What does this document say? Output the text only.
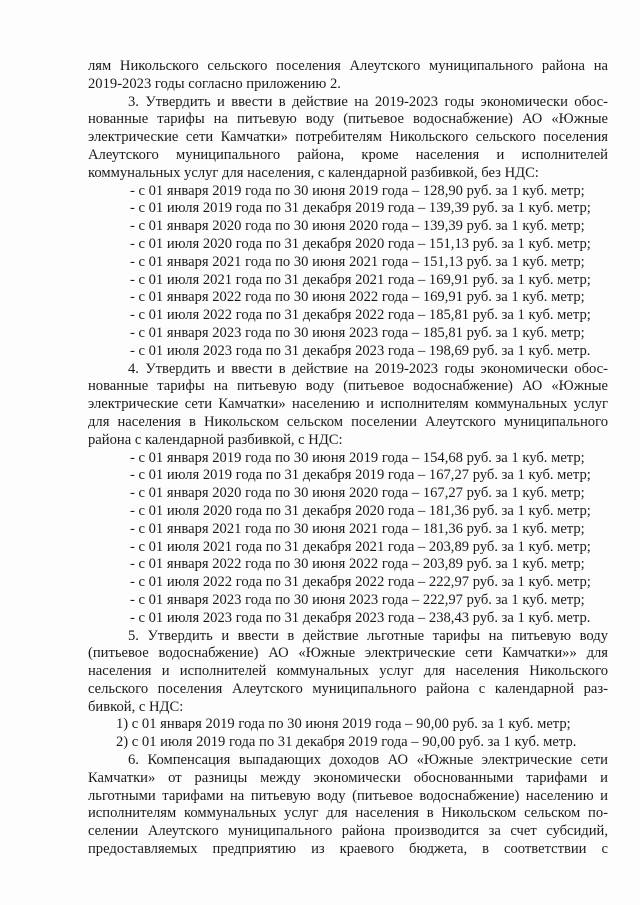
лям Никольского сельского поселения Алеутского муниципального района на
2019-2023 годы согласно приложению 2.
3. Утвердить и ввести в действие на 2019-2023 годы экономически обос-
нованные тарифы на питьевую воду (питьевое водоснабжение) АО «Южные
электрические сети Камчатки» потребителям Никольского сельского поселения
Алеутского муниципального района, кроме населения и исполнителей
коммунальных услуг для населения, с календарной разбивкой, без НДС:
- с 01 января 2019 года по 30 июня 2019 года – 128,90 руб. за 1 куб. метр;
- с 01 июля 2019 года по 31 декабря 2019 года – 139,39 руб. за 1 куб. метр;
- с 01 января 2020 года по 30 июня 2020 года – 139,39 руб. за 1 куб. метр;
- с 01 июля 2020 года по 31 декабря 2020 года – 151,13 руб. за 1 куб. метр;
- с 01 января 2021 года по 30 июня 2021 года – 151,13 руб. за 1 куб. метр;
- с 01 июля 2021 года по 31 декабря 2021 года – 169,91 руб. за 1 куб. метр;
- с 01 января 2022 года по 30 июня 2022 года – 169,91 руб. за 1 куб. метр;
- с 01 июля 2022 года по 31 декабря 2022 года – 185,81 руб. за 1 куб. метр;
- с 01 января 2023 года по 30 июня 2023 года – 185,81 руб. за 1 куб. метр;
- с 01 июля 2023 года по 31 декабря 2023 года – 198,69 руб. за 1 куб. метр.
4. Утвердить и ввести в действие на 2019-2023 годы экономически обос-
нованные тарифы на питьевую воду (питьевое водоснабжение) АО «Южные
электрические сети Камчатки» населению и исполнителям коммунальных услуг
для населения в Никольском сельском поселении Алеутского муниципального
района с календарной разбивкой, с НДС:
- с 01 января 2019 года по 30 июня 2019 года – 154,68 руб. за 1 куб. метр;
- с 01 июля 2019 года по 31 декабря 2019 года – 167,27 руб. за 1 куб. метр;
- с 01 января 2020 года по 30 июня 2020 года – 167,27 руб. за 1 куб. метр;
- с 01 июля 2020 года по 31 декабря 2020 года – 181,36 руб. за 1 куб. метр;
- с 01 января 2021 года по 30 июня 2021 года – 181,36 руб. за 1 куб. метр;
- с 01 июля 2021 года по 31 декабря 2021 года – 203,89 руб. за 1 куб. метр;
- с 01 января 2022 года по 30 июня 2022 года – 203,89 руб. за 1 куб. метр;
- с 01 июля 2022 года по 31 декабря 2022 года – 222,97 руб. за 1 куб. метр;
- с 01 января 2023 года по 30 июня 2023 года – 222,97 руб. за 1 куб. метр;
- с 01 июля 2023 года по 31 декабря 2023 года – 238,43 руб. за 1 куб. метр.
5. Утвердить и ввести в действие льготные тарифы на питьевую воду
(питьевое водоснабжение) АО «Южные электрические сети Камчатки»» для
населения и исполнителей коммунальных услуг для населения Никольского
сельского поселения Алеутского муниципального района с календарной раз-
бивкой, с НДС:
1) с 01 января 2019 года по 30 июня 2019 года – 90,00 руб. за 1 куб. метр;
2) с 01 июля 2019 года по 31 декабря 2019 года – 90,00 руб. за 1 куб. метр.
6. Компенсация выпадающих доходов АО «Южные электрические сети
Камчатки» от разницы между экономически обоснованными тарифами и
льготными тарифами на питьевую воду (питьевое водоснабжение) населению и
исполнителям коммунальных услуг для населения в Никольском сельском по-
селении Алеутского муниципального района производится за счет субсидий,
предоставляемых предприятию из краевого бюджета, в соответствии с
